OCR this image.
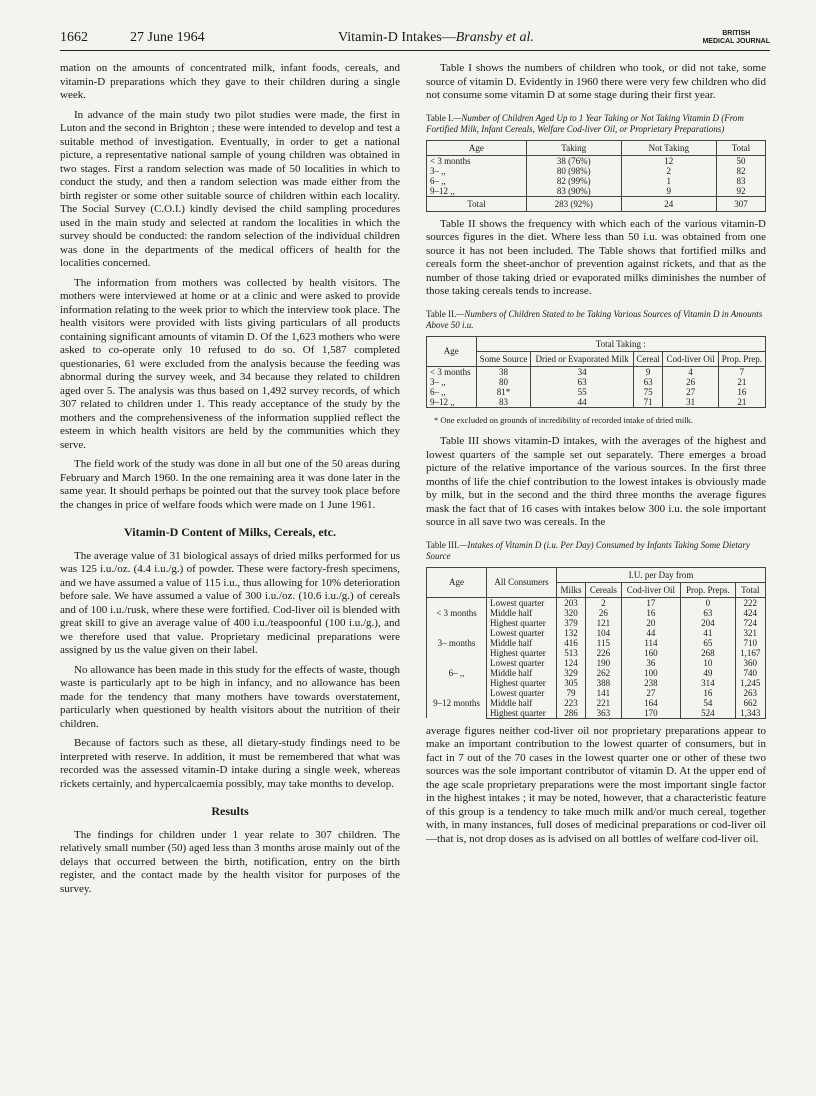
1662	27 June 1964	Vitamin-D Intakes—Bransby et al.	BRITISH
MEDICAL JOURNAL

mation on the amounts of concentrated milk, infant foods, cereals, and vitamin-D preparations which they gave to their children during a single week.

In advance of the main study two pilot studies were made, the first in Luton and the second in Brighton ; these were intended to develop and test a suitable method of investigation. Eventually, in order to get a national picture, a representative national sample of young children was obtained in two stages. First a random selection was made of 50 localities in which to conduct the study, and then a random selection was made either from the birth register or some other suitable source of children within each locality. The Social Survey (C.O.I.) kindly devised the child sampling procedures used in the main study and selected at random the localities in which the survey should be conducted: the random selection of the individual children was done in the departments of the medical officers of health for the localities concerned.

The information from mothers was collected by health visitors. The mothers were interviewed at home or at a clinic and were asked to provide information relating to the week prior to which the interview took place. The health visitors were provided with lists giving particulars of all products containing significant amounts of vitamin D. Of the 1,623 mothers who were asked to co-operate only 10 refused to do so. Of 1,587 completed questionaries, 61 were excluded from the analysis because the feeding was abnormal during the survey week, and 34 because they related to children aged over 5. The analysis was thus based on 1,492 survey records, of which 307 related to children under 1. This ready acceptance of the study by the mothers and the comprehensiveness of the information supplied reflect the esteem in which health visitors are held by the communities which they serve.

The field work of the study was done in all but one of the 50 areas during February and March 1960. In the one remaining area it was done later in the same year. It should perhaps be pointed out that the survey took place before the changes in price of welfare foods which were made on 1 June 1961.

Vitamin-D Content of Milks, Cereals, etc.

The average value of 31 biological assays of dried milks performed for us was 125 i.u./oz. (4.4 i.u./g.) of powder. These were factory-fresh specimens, and we have assumed a value of 115 i.u., thus allowing for 10% deterioration before sale. We have assumed a value of 300 i.u./oz. (10.6 i.u./g.) of cereals and of 100 i.u./rusk, where these were fortified. Cod-liver oil is blended with great skill to give an average value of 400 i.u./teaspoonful (100 i.u./g.), and we therefore used that value. Proprietary medicinal preparations were assigned by us the value given on their label.

No allowance has been made in this study for the effects of waste, though waste is particularly apt to be high in infancy, and no allowance has been made for the tendency that many mothers have towards overstatement, particularly when questioned by health visitors about the nutrition of their children.

Because of factors such as these, all dietary-study findings need to be interpreted with reserve. In addition, it must be remembered that what was recorded was the assessed vitamin-D intake during a single week, whereas rickets certainly, and hypercalcaemia possibly, may take months to develop.

Results

The findings for children under 1 year relate to 307 children. The relatively small number (50) aged less than 3 months arose mainly out of the delays that occurred between the birth, notification, entry on the birth register, and the contact made by the health visitor for purposes of the survey.

Table I shows the numbers of children who took, or did not take, some source of vitamin D. Evidently in 1960 there were very few children who did not consume some vitamin D at some stage during their first year.

Table I.—Number of Children Aged Up to 1 Year Taking or Not Taking Vitamin D (From Fortified Milk, Infant Cereals, Welfare Cod-liver Oil, or Proprietary Preparations)
Age	Taking	Not Taking	Total
< 3 months	38 (76%)	12	50
3– ,,	80 (98%)	2	82
6– ,,	82 (99%)	1	83
9–12 ,,	83 (90%)	9	92
Total	283 (92%)	24	307

Table II shows the frequency with which each of the various vitamin-D sources figures in the diet. Where less than 50 i.u. was obtained from one source it has not been included. The Table shows that fortified milks and cereals form the sheet-anchor of prevention against rickets, and that as the number of those taking dried or evaporated milks diminishes the number of those taking cereals tends to increase.

Table II.—Numbers of Children Stated to be Taking Various Sources of Vitamin D in Amounts Above 50 i.u.
Age	Total Taking :				
	Some Source	Dried or Evaporated Milk	Cereal	Cod-liver Oil	Prop. Prep.
< 3 months	38	34	9	4	7
3– ,,	80	63	63	26	21
6– ,,	81*	55	75	27	16
9–12 ,,	83	44	71	31	21
* One excluded on grounds of incredibility of recorded intake of dried milk.

Table III shows vitamin-D intakes, with the averages of the highest and lowest quarters of the sample set out separately. There emerges a broad picture of the relative importance of the various sources. In the first three months of life the chief contribution to the lowest intakes is obviously made by milk, but in the second and the third three months the average figures mask the fact that of 16 cases with intakes below 300 i.u. the sole important source in all save two was cereals. In the

Table III.—Intakes of Vitamin D (i.u. Per Day) Consumed by Infants Taking Some Dietary Source
Age	All Consumers	I.U. per Day from				
		Milks	Cereals	Cod-liver Oil	Prop. Preps.	Total
< 3 months	Lowest quarter	203	2	17	0	222
	Middle half	320	26	16	63	424
	Highest quarter	379	121	20	204	724
3– months	Lowest quarter	132	104	44	41	321
	Middle half	416	115	114	65	710
	Highest quarter	513	226	160	268	1,167
6– ,,	Lowest quarter	124	190	36	10	360
	Middle half	329	262	100	49	740
	Highest quarter	305	388	238	314	1,245
9–12 months	Lowest quarter	79	141	27	16	263
	Middle half	223	221	164	54	662
	Highest quarter	286	363	170	524	1,343

average figures neither cod-liver oil nor proprietary preparations appear to make an important contribution to the lowest quarter of consumers, but in fact in 7 out of the 70 cases in the lowest quarter one or other of these two sources was the sole important contributor of vitamin D. At the upper end of the age scale proprietary preparations were the most important single factor in the highest intakes ; it may be noted, however, that a characteristic feature of this group is a tendency to take much milk and/or much cereal, together with, in many instances, full doses of medicinal preparations or cod-liver oil—that is, not drop doses as is advised on all bottles of welfare cod-liver oil.
